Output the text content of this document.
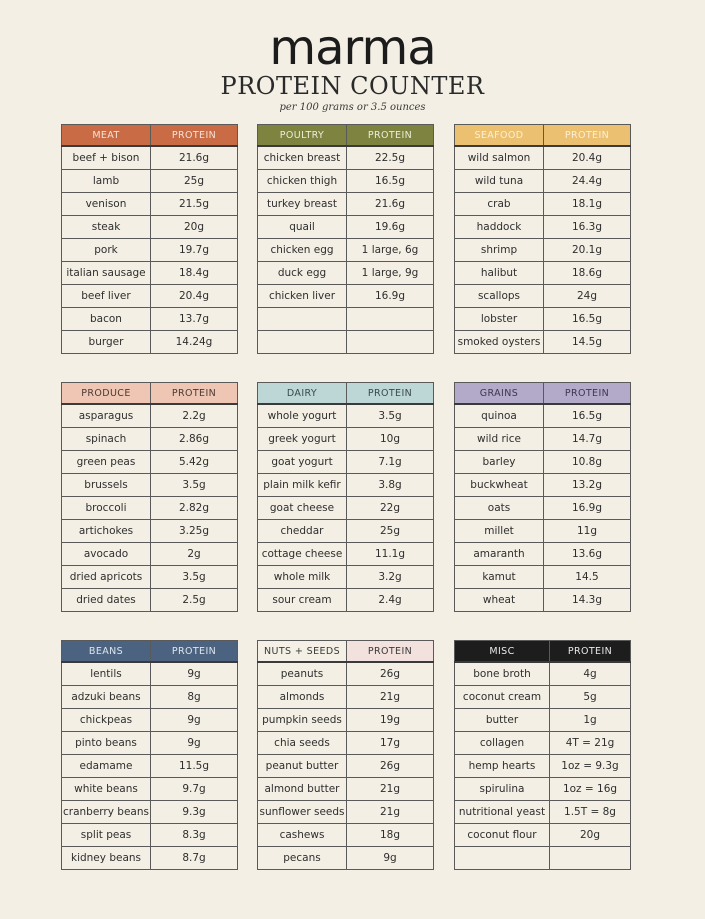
marma
PROTEIN COUNTER
per 100 grams or 3.5 ounces
MEAT	PROTEIN
beef + bison	21.6g
lamb	25g
venison	21.5g
steak	20g
pork	19.7g
italian sausage	18.4g
beef liver	20.4g
bacon	13.7g
burger	14.24g
POULTRY	PROTEIN
chicken breast	22.5g
chicken thigh	16.5g
turkey breast	21.6g
quail	19.6g
chicken egg	1 large, 6g
duck egg	1 large, 9g
chicken liver	16.9g

SEAFOOD	PROTEIN
wild salmon	20.4g
wild tuna	24.4g
crab	18.1g
haddock	16.3g
shrimp	20.1g
halibut	18.6g
scallops	24g
lobster	16.5g
smoked oysters	14.5g
PRODUCE	PROTEIN
asparagus	2.2g
spinach	2.86g
green peas	5.42g
brussels	3.5g
broccoli	2.82g
artichokes	3.25g
avocado	2g
dried apricots	3.5g
dried dates	2.5g
DAIRY	PROTEIN
whole yogurt	3.5g
greek yogurt	10g
goat yogurt	7.1g
plain milk kefir	3.8g
goat cheese	22g
cheddar	25g
cottage cheese	11.1g
whole milk	3.2g
sour cream	2.4g
GRAINS	PROTEIN
quinoa	16.5g
wild rice	14.7g
barley	10.8g
buckwheat	13.2g
oats	16.9g
millet	11g
amaranth	13.6g
kamut	14.5
wheat	14.3g
BEANS	PROTEIN
lentils	9g
adzuki beans	8g
chickpeas	9g
pinto beans	9g
edamame	11.5g
white beans	9.7g
cranberry beans	9.3g
split peas	8.3g
kidney beans	8.7g
NUTS + SEEDS	PROTEIN
peanuts	26g
almonds	21g
pumpkin seeds	19g
chia seeds	17g
peanut butter	26g
almond butter	21g
sunflower seeds	21g
cashews	18g
pecans	9g
MISC	PROTEIN
bone broth	4g
coconut cream	5g
butter	1g
collagen	4T = 21g
hemp hearts	1oz = 9.3g
spirulina	1oz = 16g
nutritional yeast	1.5T = 8g
coconut flour	20g
